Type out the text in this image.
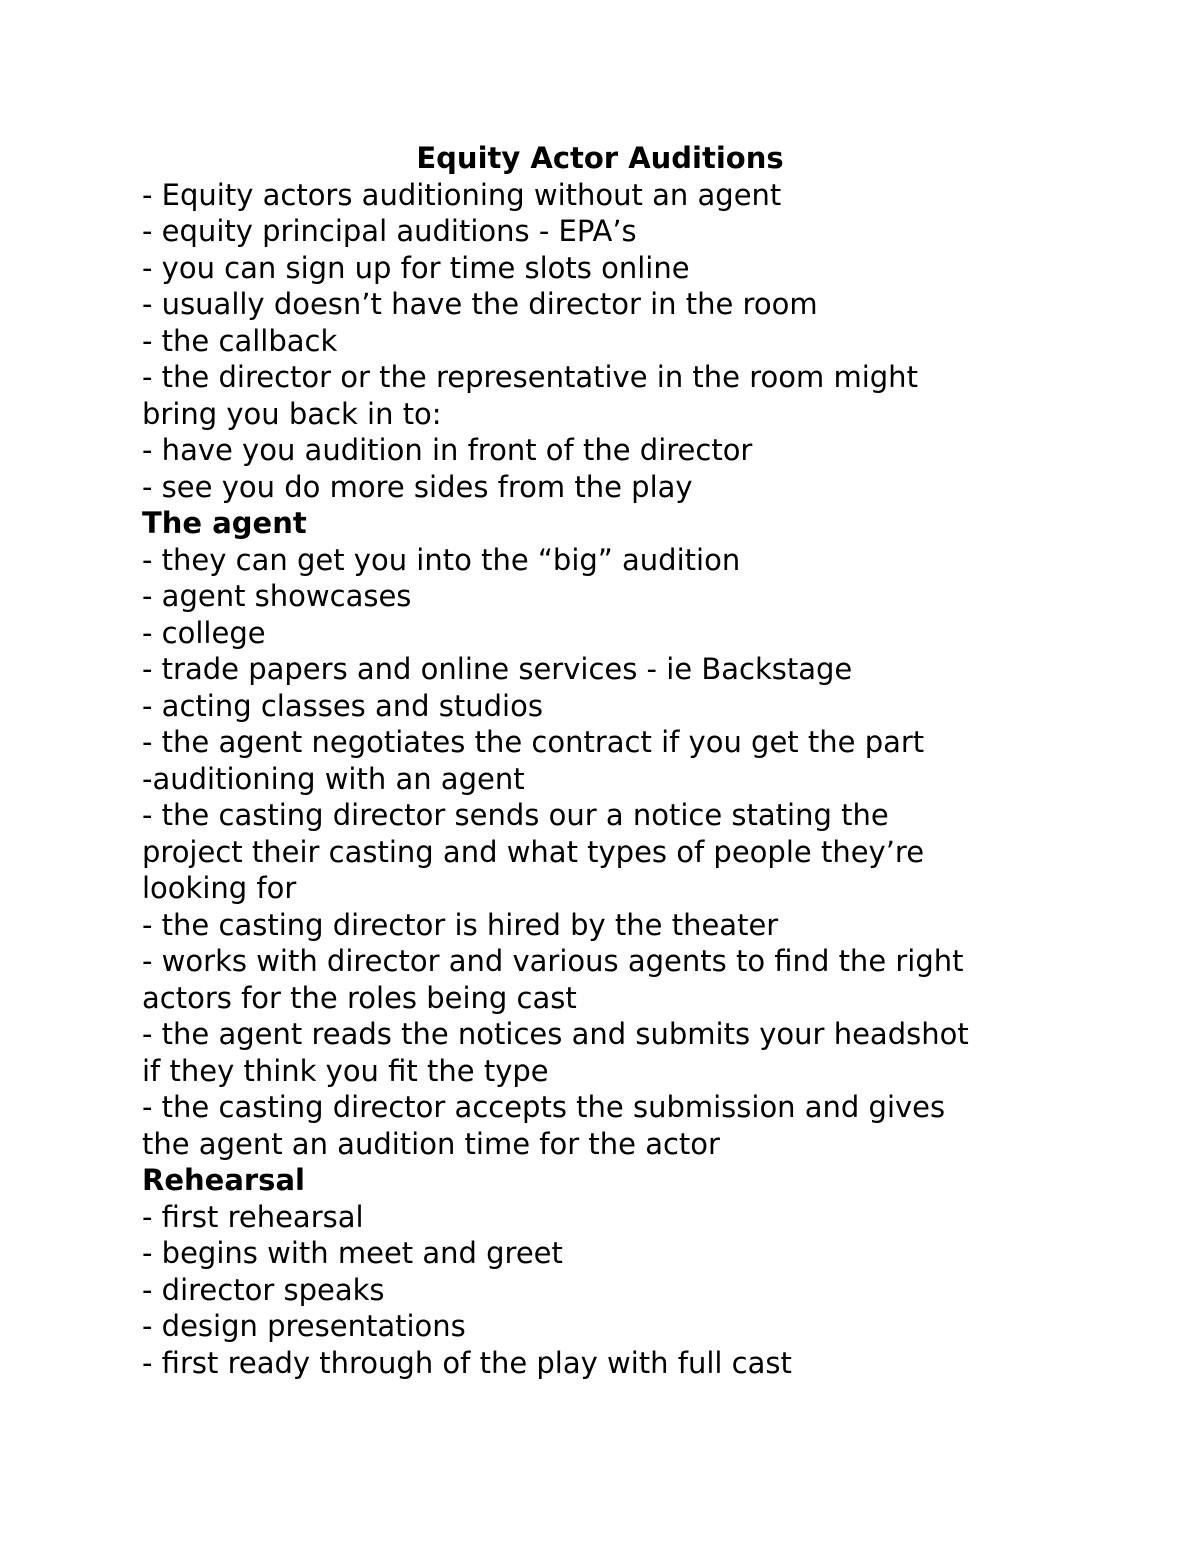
Equity Actor Auditions

- Equity actors auditioning without an agent

- equity principal auditions - EPA’s

- you can sign up for time slots online

- usually doesn’t have the director in the room

- the callback

- the director or the representative in the room might

bring you back in to:

- have you audition in front of the director

- see you do more sides from the play

The agent

- they can get you into the “big” audition

- agent showcases

- college

- trade papers and online services - ie Backstage

- acting classes and studios

- the agent negotiates the contract if you get the part

-auditioning with an agent

- the casting director sends our a notice stating the

project their casting and what types of people they’re

looking for

- the casting director is hired by the theater

- works with director and various agents to find the right

actors for the roles being cast

- the agent reads the notices and submits your headshot

if they think you fit the type

- the casting director accepts the submission and gives

the agent an audition time for the actor

Rehearsal

- first rehearsal

- begins with meet and greet

- director speaks

- design presentations

- first ready through of the play with full cast
